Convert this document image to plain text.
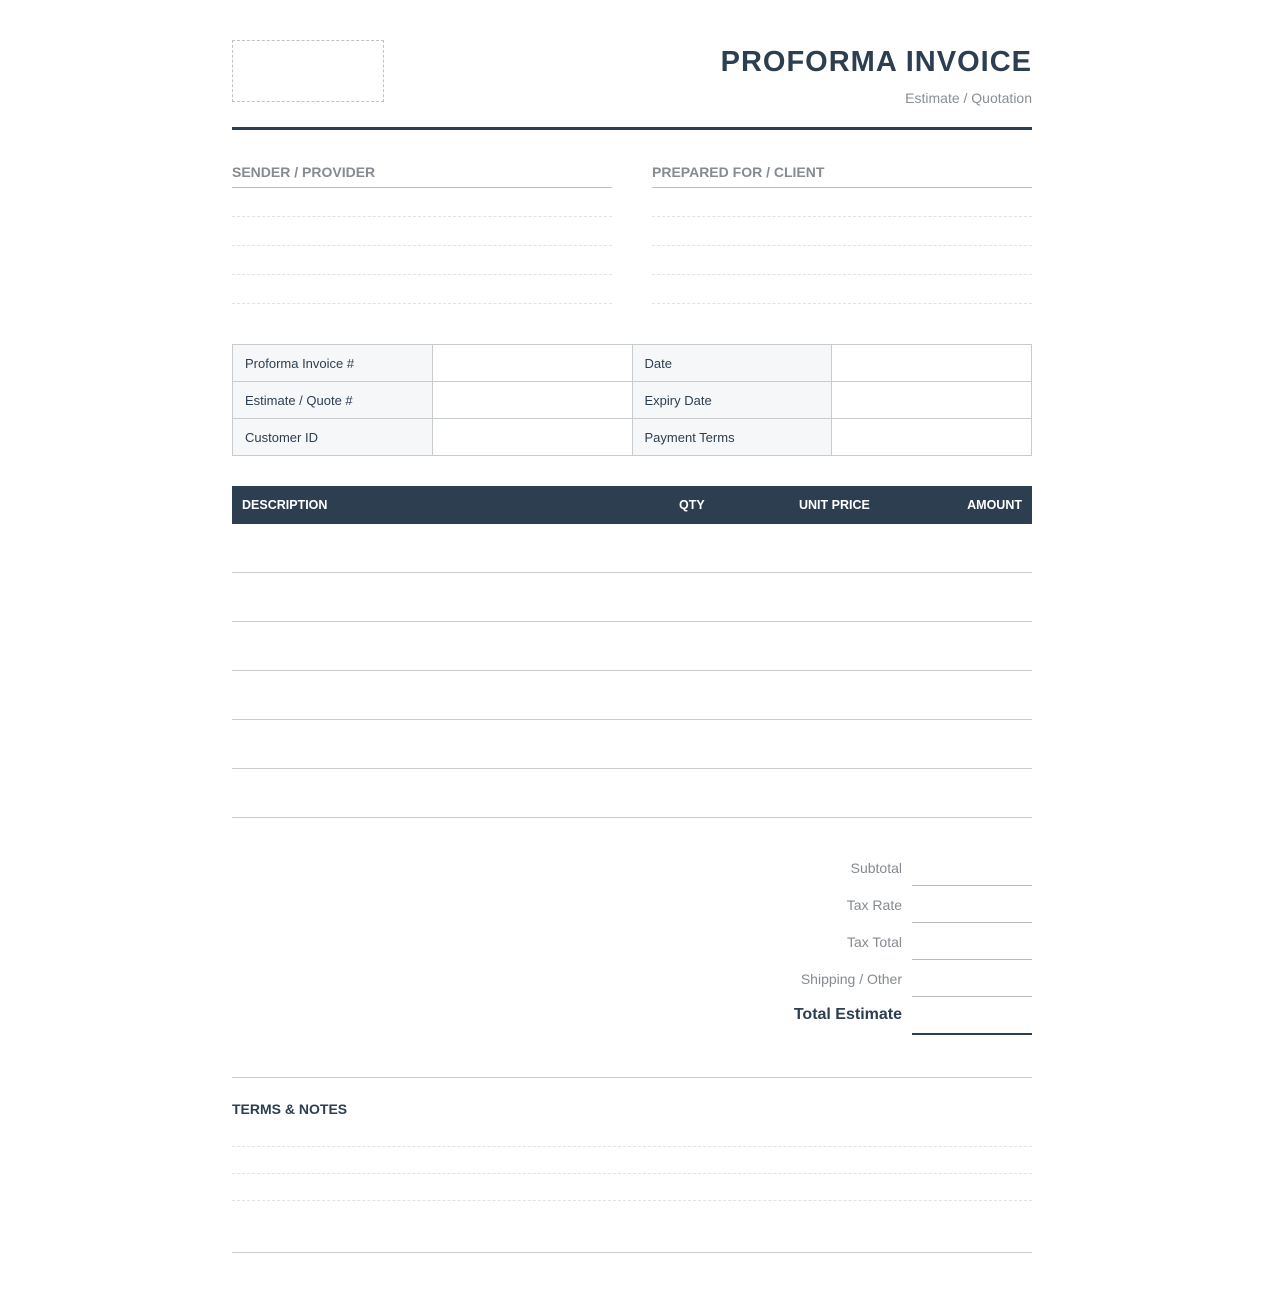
PROFORMA INVOICE
Estimate / Quotation
SENDER / PROVIDER	PREPARED FOR / CLIENT
Proforma Invoice #		Date	
Estimate / Quote #		Expiry Date	
Customer ID		Payment Terms	
DESCRIPTION	QTY	UNIT PRICE	AMOUNT
Subtotal
Tax Rate
Tax Total
Shipping / Other
Total Estimate
TERMS & NOTES
